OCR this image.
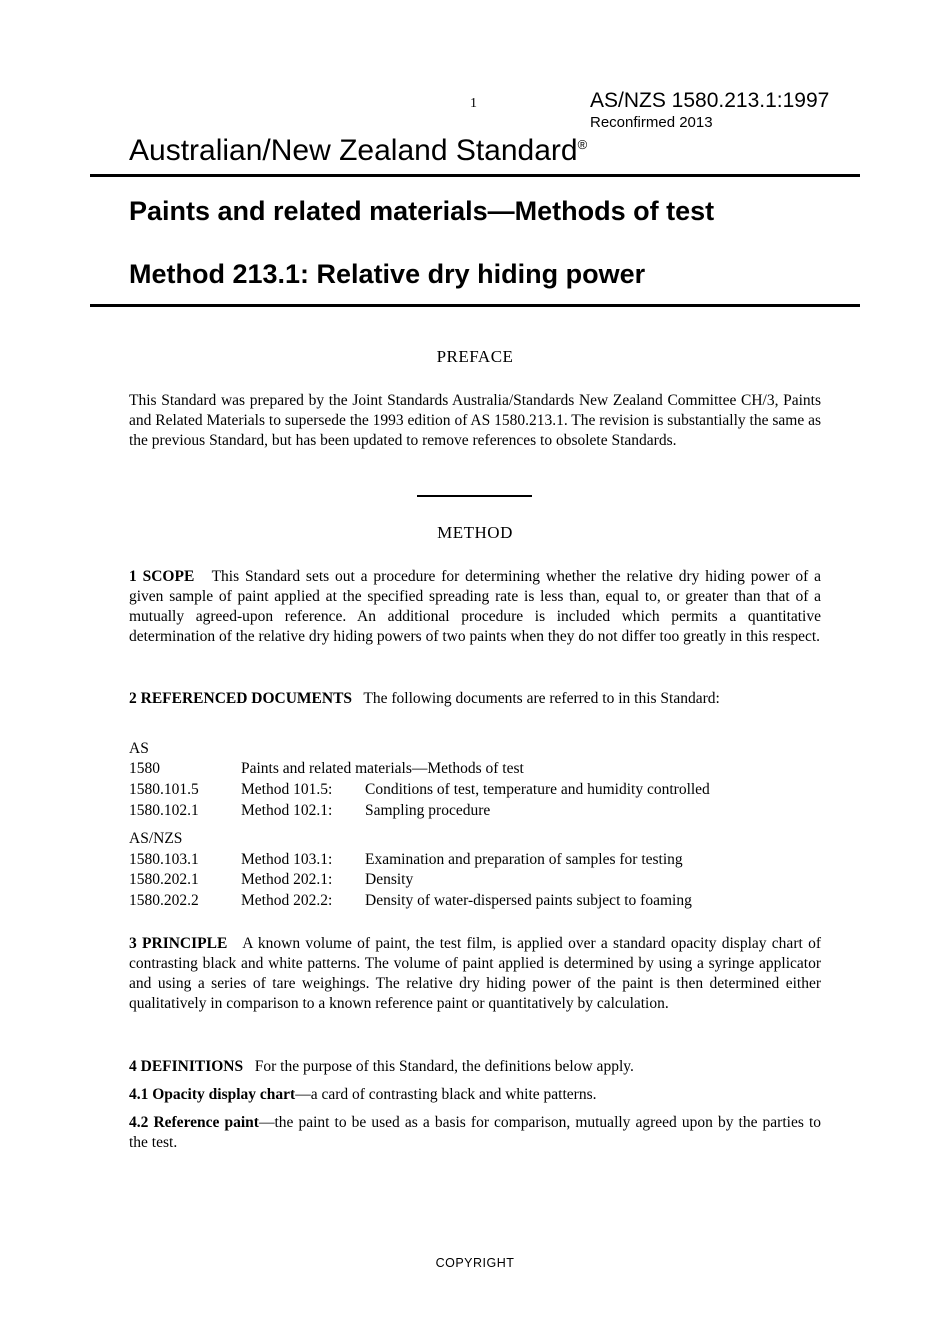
1	AS/NZS 1580.213.1:1997
Reconfirmed 2013
Australian/New Zealand Standard®
Paints and related materials—Methods of test
Method 213.1: Relative dry hiding power
PREFACE
This Standard was prepared by the Joint Standards Australia/Standards New Zealand Committee CH/3, Paints and Related Materials to supersede the 1993 edition of AS 1580.213.1. The revision is substantially the same as the previous Standard, but has been updated to remove references to obsolete Standards.
METHOD
1 SCOPE This Standard sets out a procedure for determining whether the relative dry hiding power of a given sample of paint applied at the specified spreading rate is less than, equal to, or greater than that of a mutually agreed-upon reference. An additional procedure is included which permits a quantitative determination of the relative dry hiding powers of two paints when they do not differ too greatly in this respect.
2 REFERENCED DOCUMENTS The following documents are referred to in this Standard:
AS
1580	Paints and related materials—Methods of test
1580.101.5	Method 101.5: Conditions of test, temperature and humidity controlled
1580.102.1	Method 102.1: Sampling procedure
AS/NZS
1580.103.1	Method 103.1: Examination and preparation of samples for testing
1580.202.1	Method 202.1: Density
1580.202.2	Method 202.2: Density of water-dispersed paints subject to foaming
3 PRINCIPLE A known volume of paint, the test film, is applied over a standard opacity display chart of contrasting black and white patterns. The volume of paint applied is determined by using a syringe applicator and using a series of tare weighings. The relative dry hiding power of the paint is then determined either qualitatively in comparison to a known reference paint or quantitatively by calculation.
4 DEFINITIONS For the purpose of this Standard, the definitions below apply.
4.1 Opacity display chart—a card of contrasting black and white patterns.
4.2 Reference paint—the paint to be used as a basis for comparison, mutually agreed upon by the parties to the test.
COPYRIGHT
